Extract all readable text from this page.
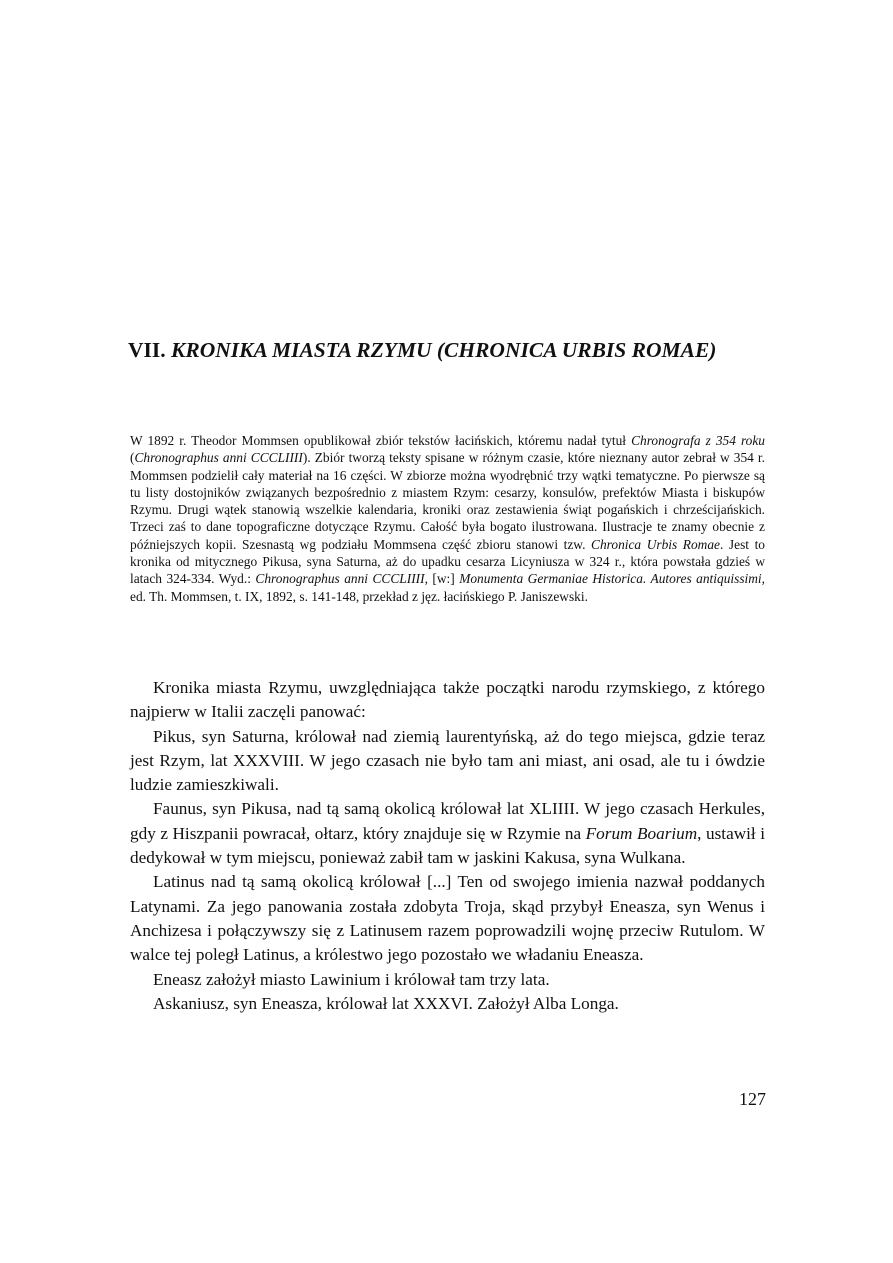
VII. KRONIKA MIASTA RZYMU (CHRONICA URBIS ROMAE)

W 1892 r. Theodor Mommsen opublikował zbiór tekstów łacińskich, któremu nadał tytuł Chronografa z 354 roku (Chronographus anni CCCLIIII). Zbiór tworzą teksty spisane w różnym czasie, które nieznany autor zebrał w 354 r. Mommsen podzielił cały materiał na 16 części. W zbiorze można wyodrębnić trzy wątki tematyczne. Po pierwsze są tu listy dostojników związanych bezpośrednio z miastem Rzym: cesarzy, konsulów, prefektów Miasta i biskupów Rzymu. Drugi wątek stanowią wszelkie kalendaria, kroniki oraz zestawienia świąt pogańskich i chrześcijańskich. Trzeci zaś to dane topograficzne dotyczące Rzymu. Całość była bogato ilustrowana. Ilustracje te znamy obecnie z późniejszych kopii. Szesnastą wg podziału Mommsena część zbioru stanowi tzw. Chronica Urbis Romae. Jest to kronika od mitycznego Pikusa, syna Saturna, aż do upadku cesarza Licyniusza w 324 r., która powstała gdzieś w latach 324-334. Wyd.: Chronographus anni CCCLIIII, [w:] Monumenta Germaniae Historica. Autores antiquissimi, ed. Th. Mommsen, t. IX, 1892, s. 141-148, przekład z jęz. łacińskiego P. Janiszewski.

Kronika miasta Rzymu, uwzględniająca także początki narodu rzymskiego, z którego najpierw w Italii zaczęli panować:

Pikus, syn Saturna, królował nad ziemią laurentyńską, aż do tego miejsca, gdzie teraz jest Rzym, lat XXXVIII. W jego czasach nie było tam ani miast, ani osad, ale tu i ówdzie ludzie zamieszkiwali.

Faunus, syn Pikusa, nad tą samą okolicą królował lat XLIIII. W jego czasach Herkules, gdy z Hiszpanii powracał, ołtarz, który znajduje się w Rzymie na Forum Boarium, ustawił i dedykował w tym miejscu, ponieważ zabił tam w jaskini Kakusa, syna Wulkana.

Latinus nad tą samą okolicą królował [...] Ten od swojego imienia nazwał poddanych Latynami. Za jego panowania została zdobyta Troja, skąd przybył Eneasza, syn Wenus i Anchizesa i połączywszy się z Latinusem razem poprowadzili wojnę przeciw Rutulom. W walce tej poległ Latinus, a królestwo jego pozostało we władaniu Eneasza.

Eneasz założył miasto Lawinium i królował tam trzy lata.

Askaniusz, syn Eneasza, królował lat XXXVI. Założył Alba Longa.

127
